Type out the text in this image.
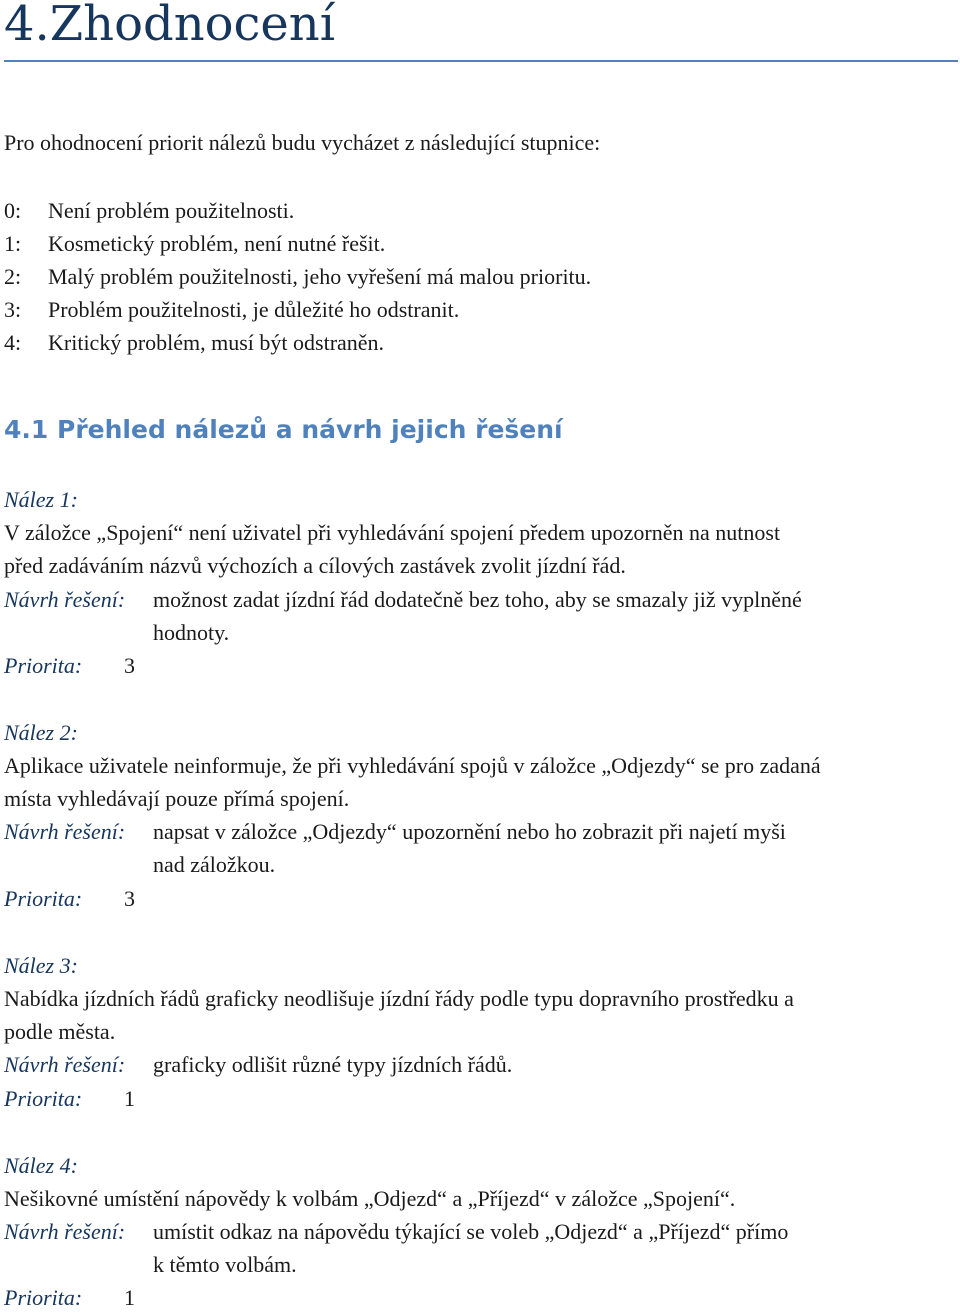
4.Zhodnocení

Pro ohodnocení priorit nálezů budu vycházet z následující stupnice:

0: Není problém použitelnosti.
1: Kosmetický problém, není nutné řešit.
2: Malý problém použitelnosti, jeho vyřešení má malou prioritu.
3: Problém použitelnosti, je důležité ho odstranit.
4: Kritický problém, musí být odstraněn.
4.1 Přehled nálezů a návrh jejich řešení
Nález 1:
V záložce „Spojení“ není uživatel při vyhledávání spojení předem upozorněn na nutnost
před zadáváním názvů výchozích a cílových zastávek zvolit jízdní řád.
Návrh řešení: možnost zadat jízdní řád dodatečně bez toho, aby se smazaly již vyplněné
hodnoty.
Priorita: 3
Nález 2:
Aplikace uživatele neinformuje, že při vyhledávání spojů v záložce „Odjezdy“ se pro zadaná
místa vyhledávají pouze přímá spojení.
Návrh řešení: napsat v záložce „Odjezdy“ upozornění nebo ho zobrazit při najetí myši
nad záložkou.
Priorita: 3
Nález 3:
Nabídka jízdních řádů graficky neodlišuje jízdní řády podle typu dopravního prostředku a
podle města.
Návrh řešení: graficky odlišit různé typy jízdních řádů.
Priorita: 1
Nález 4:
Nešikovné umístění nápovědy k volbám „Odjezd“ a „Příjezd“ v záložce „Spojení“.
Návrh řešení: umístit odkaz na nápovědu týkající se voleb „Odjezd“ a „Příjezd“ přímo
k těmto volbám.
Priorita: 1
